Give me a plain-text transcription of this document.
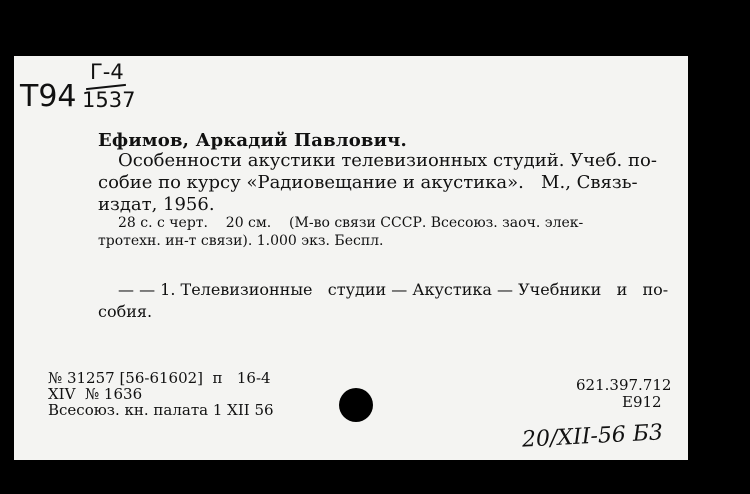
Г-4
T94 1537
Ефимов, Аркадий Павлович.
Особенности акустики телевизионных студий. Учеб. по-
собие по курсу «Радиовещание и акустика».   М., Связь-
издат, 1956.
28 с. с черт.    20 см.    (М-во связи СССР. Всесоюз. заоч. элек-
тротехн. ин-т связи). 1.000 экз. Беспл.
— — 1. Телевизионные   студии — Акустика — Учебники   и   по-
собия.
№ 31257 [56-61602]  п   16-4
XIV  № 1636
Всесоюз. кн. палата 1 XII 56
621.397.712
Е912
20/XII-56 Б3
